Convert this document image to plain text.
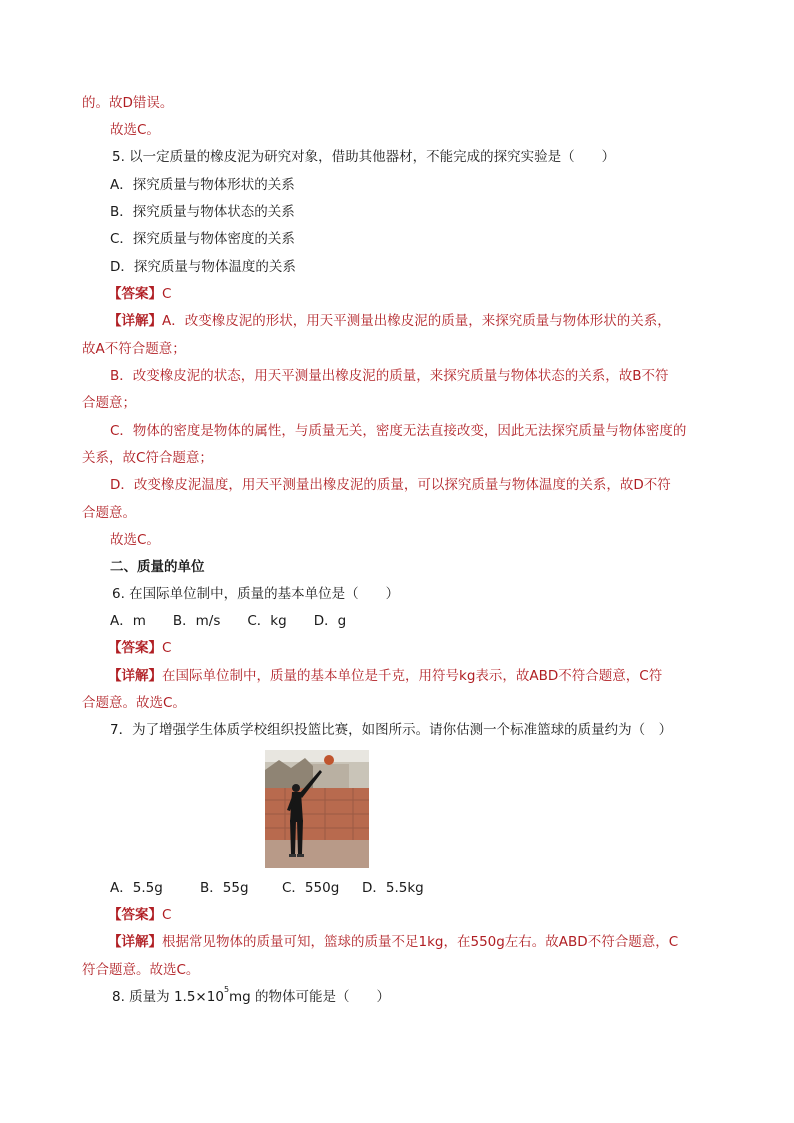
的。故D错误。
故选C。
5. 以一定质量的橡皮泥为研究对象，借助其他器材，不能完成的探究实验是（　　）
A．探究质量与物体形状的关系
B．探究质量与物体状态的关系
C．探究质量与物体密度的关系
D．探究质量与物体温度的关系
【答案】C
【详解】A．改变橡皮泥的形状，用天平测量出橡皮泥的质量，来探究质量与物体形状的关系，
故A不符合题意；
B．改变橡皮泥的状态，用天平测量出橡皮泥的质量，来探究质量与物体状态的关系，故B不符
合题意；
C．物体的密度是物体的属性，与质量无关，密度无法直接改变，因此无法探究质量与物体密度的
关系，故C符合题意；
D．改变橡皮泥温度，用天平测量出橡皮泥的质量，可以探究质量与物体温度的关系，故D不符
合题意。
故选C。
二、质量的单位
6. 在国际单位制中，质量的基本单位是（　　）
A．m　　B．m/s　　C．kg　　D．g
【答案】C
【详解】在国际单位制中，质量的基本单位是千克，用符号kg表示，故ABD不符合题意，C符
合题意。故选C。
7．为了增强学生体质学校组织投篮比赛，如图所示。请你估测一个标准篮球的质量约为（　）
A．5.5g	B．55g C．550g D．5.5kg
【答案】C
【详解】根据常见物体的质量可知，篮球的质量不足1kg，在550g左右。故ABD不符合题意，C
符合题意。故选C。
8. 质量为 $1.5\times 10^5mg$ 的物体可能是（　　）
